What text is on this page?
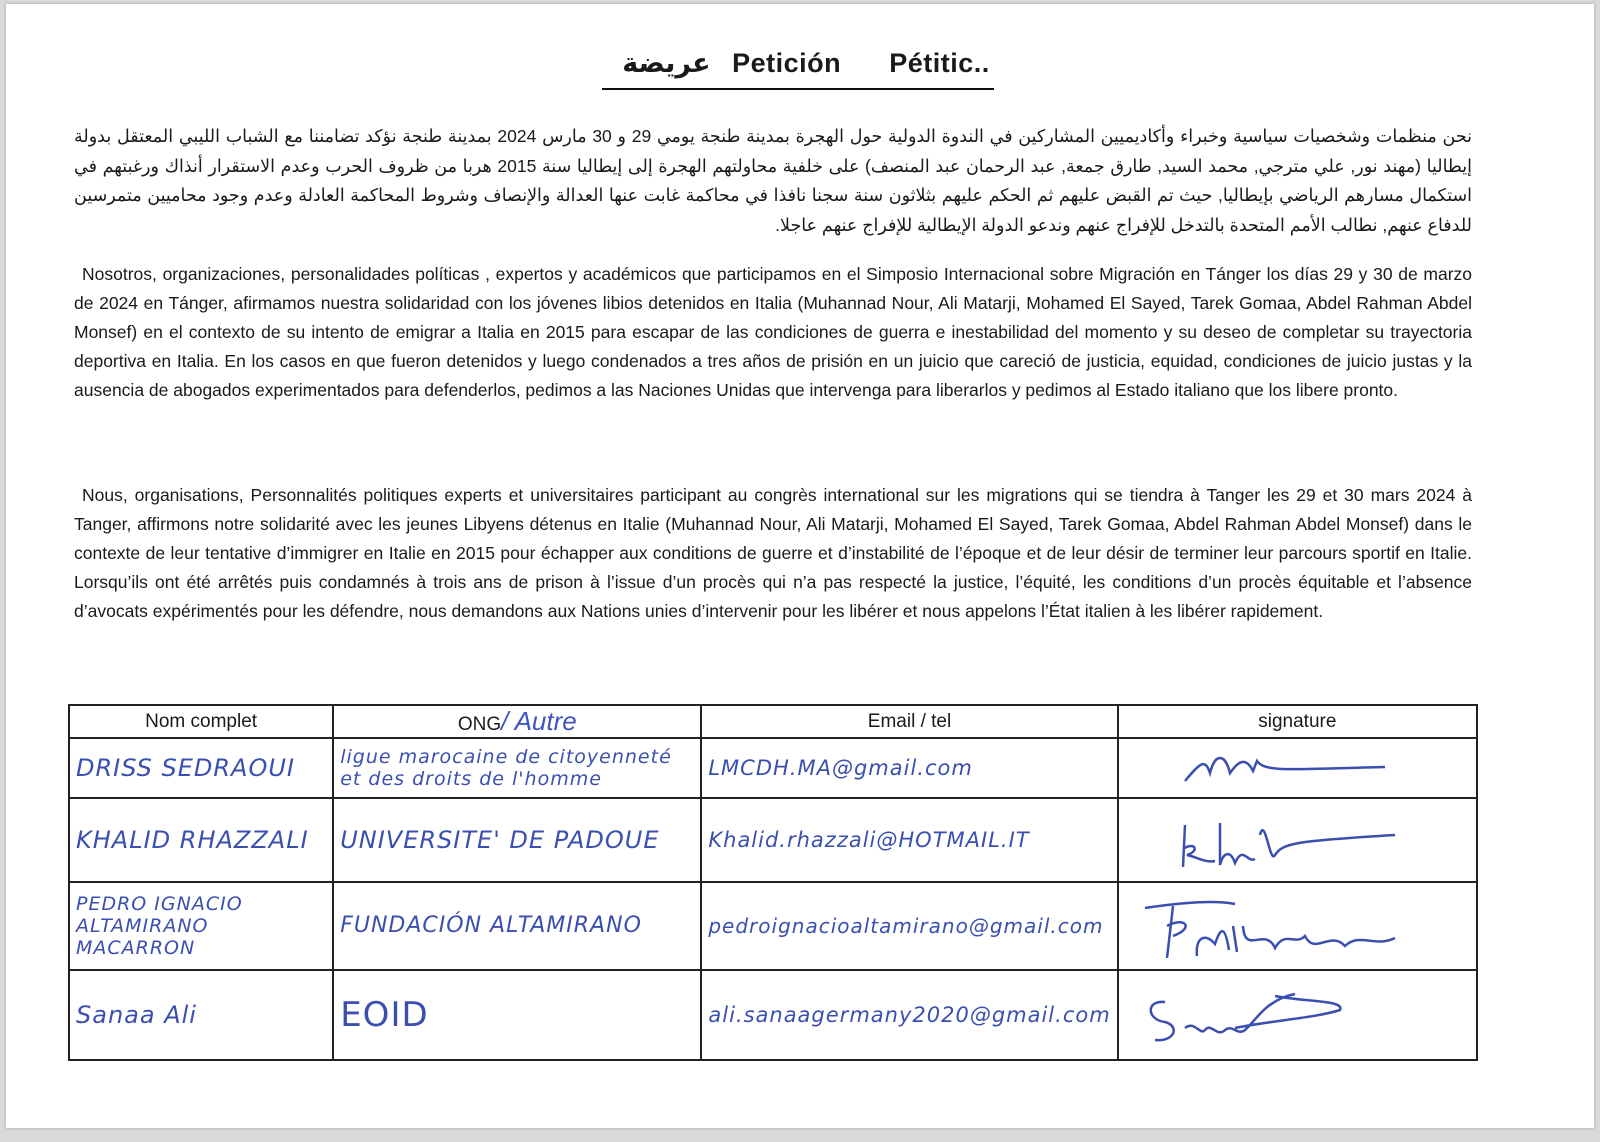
عريضة Petición Pétitic..
نحن منظمات وشخصيات سياسية وخبراء وأكاديميين المشاركين في الندوة الدولية حول الهجرة بمدينة طنجة يومي 29 و 30 مارس 2024 بمدينة طنجة نؤكد تضامننا مع الشباب الليبي المعتقل بدولة إيطاليا (مهند نور, علي مترجي, محمد السيد, طارق جمعة, عبد الرحمان عبد المنصف) على خلفية محاولتهم الهجرة إلى إيطاليا سنة 2015 هربا من ظروف الحرب وعدم الاستقرار أنذاك ورغبتهم في استكمال مسارهم الرياضي بإيطاليا, حيث تم القبض عليهم ثم الحكم عليهم بثلاثون سنة سجنا نافذا في محاكمة غابت عنها العدالة والإنصاف وشروط المحاكمة العادلة وعدم وجود محاميين متمرسين للدفاع عنهم, نطالب الأمم المتحدة بالتدخل للإفراج عنهم وندعو الدولة الإيطالية للإفراج عنهم عاجلا.
Nosotros, organizaciones, personalidades políticas , expertos y académicos que participamos en el Simposio Internacional sobre Migración en Tánger los días 29 y 30 de marzo de 2024 en Tánger, afirmamos nuestra solidaridad con los jóvenes libios detenidos en Italia (Muhannad Nour, Ali Matarji, Mohamed El Sayed, Tarek Gomaa, Abdel Rahman Abdel Monsef) en el contexto de su intento de emigrar a Italia en 2015 para escapar de las condiciones de guerra e inestabilidad del momento y su deseo de completar su trayectoria deportiva en Italia. En los casos en que fueron detenidos y luego condenados a tres años de prisión en un juicio que careció de justicia, equidad, condiciones de juicio justas y la ausencia de abogados experimentados para defenderlos, pedimos a las Naciones Unidas que intervenga para liberarlos y pedimos al Estado italiano que los libere pronto.
Nous, organisations, Personnalités politiques experts et universitaires participant au congrès international sur les migrations qui se tiendra à Tanger les 29 et 30 mars 2024 à Tanger, affirmons notre solidarité avec les jeunes Libyens détenus en Italie (Muhannad Nour, Ali Matarji, Mohamed El Sayed, Tarek Gomaa, Abdel Rahman Abdel Monsef) dans le contexte de leur tentative d’immigrer en Italie en 2015 pour échapper aux conditions de guerre et d’instabilité de l’époque et de leur désir de terminer leur parcours sportif en Italie. Lorsqu’ils ont été arrêtés puis condamnés à trois ans de prison à l’issue d’un procès qui n’a pas respecté la justice, l’équité, les conditions d’un procès équitable et l’absence d’avocats expérimentés pour les défendre, nous demandons aux Nations unies d’intervenir pour les libérer et nous appelons l’État italien à les libérer rapidement.
Nom complet	ONG/ Autre	Email / tel	signature
DRISS SEDRAOUI	ligue marocaine de citoyenneté et des droits de l'homme	LMCDH.MA@gmail.com	

KHALID RHAZZALI	UNIVERSITE' DE PADOUE	Khalid.rhazzali@HOTMAIL.IT	

PEDRO IGNACIO ALTAMIRANO MACARRON	FUNDACIÓN ALTAMIRANO	pedroignacioaltamirano@gmail.com	

Sanaa Ali	EOID	ali.sanaagermany2020@gmail.com	
